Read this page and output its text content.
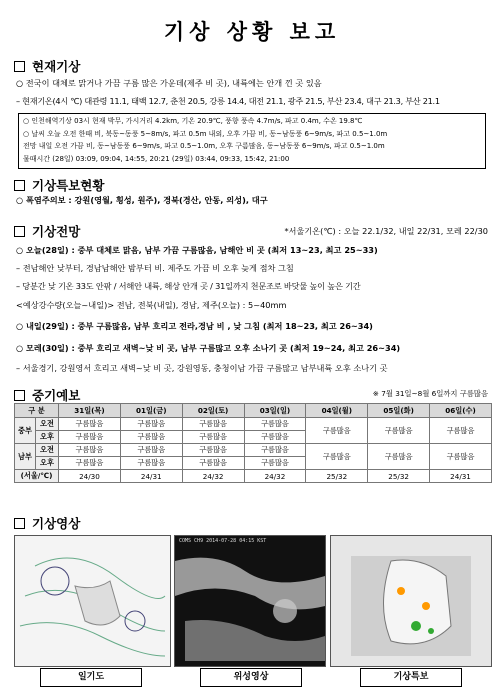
기상 상황 보고
현재기상
○ 전국이 대체로 맑거나 가끔 구름 많은 가운데(제주 비 곳), 내륙에는 안개 낀 곳 있음
– 현재기온(4시 ℃) 대관령 11.1, 태백 12.7, 춘천 20.5, 강릉 14.4, 대전 21.1, 광주 21.5, 부산 23.4, 대구 21.3, 부산 21.1
○ 인천해역기상 03시 현재 박무, 가시거리 4.2km, 기온 20.9℃, 풍향 풍속 4.7m/s, 파고 0.4m, 수온 19.8℃
○ 날씨 오늘 오전 한때 비, 북동~동풍 5~8m/s, 파고 0.5m 내외, 오후 가끔 비, 동~남동풍 6~9m/s, 파고 0.5~1.0m
전망 내일 오전 가끔 비, 동~남동풍 6~9m/s, 파고 0.5~1.0m, 오후 구름많음, 동~남동풍 6~9m/s, 파고 0.5~1.0m
물때시간 (28일) 03:09, 09:04, 14:55, 20:21 (29일) 03:44, 09:33, 15:42, 21:00
기상특보현황
○ 폭염주의보 : 강원(영월, 횡성, 원주), 경북(경산, 안동, 의성), 대구
기상전망	*서울기온(℃) : 오늘 22.1/32, 내일 22/31, 모레 22/30
○ 오늘(28일) : 중부 대체로 맑음, 남부 가끔 구름많음, 남해안 비 곳 (최저 13~23, 최고 25~33)
– 전남해안 낮부터, 경남남해안 밤부터 비. 제주도 가끔 비 오후 늦게 점차 그침
– 당분간 낮 기온 33도 안팎 / 서해안 내륙, 해상 안개 곳 / 31일까지 천문조로 바닷물 높이 높은 기간
<예상강수량(오늘~내일)> 전남, 전북(내일), 경남, 제주(오늘) : 5~40mm
○ 내일(29일) : 중부 구름많음, 남부 흐리고 전라,경남 비 , 낮 그침 (최저 18~23, 최고 26~34)
○ 모레(30일) : 중부 흐리고 새벽~낮 비 곳, 남부 구름많고 오후 소나기 곳 (최저 19~24, 최고 26~34)
– 서울경기, 강원영서 흐리고 새벽~낮 비 곳, 강원영동, 충청이남 가끔 구름많고 남부내륙 오후 소나기 곳
중기예보	※ 7월 31일~8월 6일까지 구름많음
구 분		31일(목)	01일(금)	02일(토)	03일(일)	04일(월)	05일(화)	06일(수)
중부	오전	구름많음	구름많음	구름많음	구름많음	구름많음	구름많음	구름많음
	오후	구름많음	구름많음	구름많음	구름많음			
남부	오전	구름많음	구름많음	구름많음	구름많음	구름많음	구름많음	구름많음
	오후	구름많음	구름많음	구름많음	구름많음			
(서울/℃)		24/30	24/31	24/32	24/32	25/32	25/32	24/31
기상영상
COMS CH9 2014-07-28 04:15 KST
일기도	위성영상	기상특보
